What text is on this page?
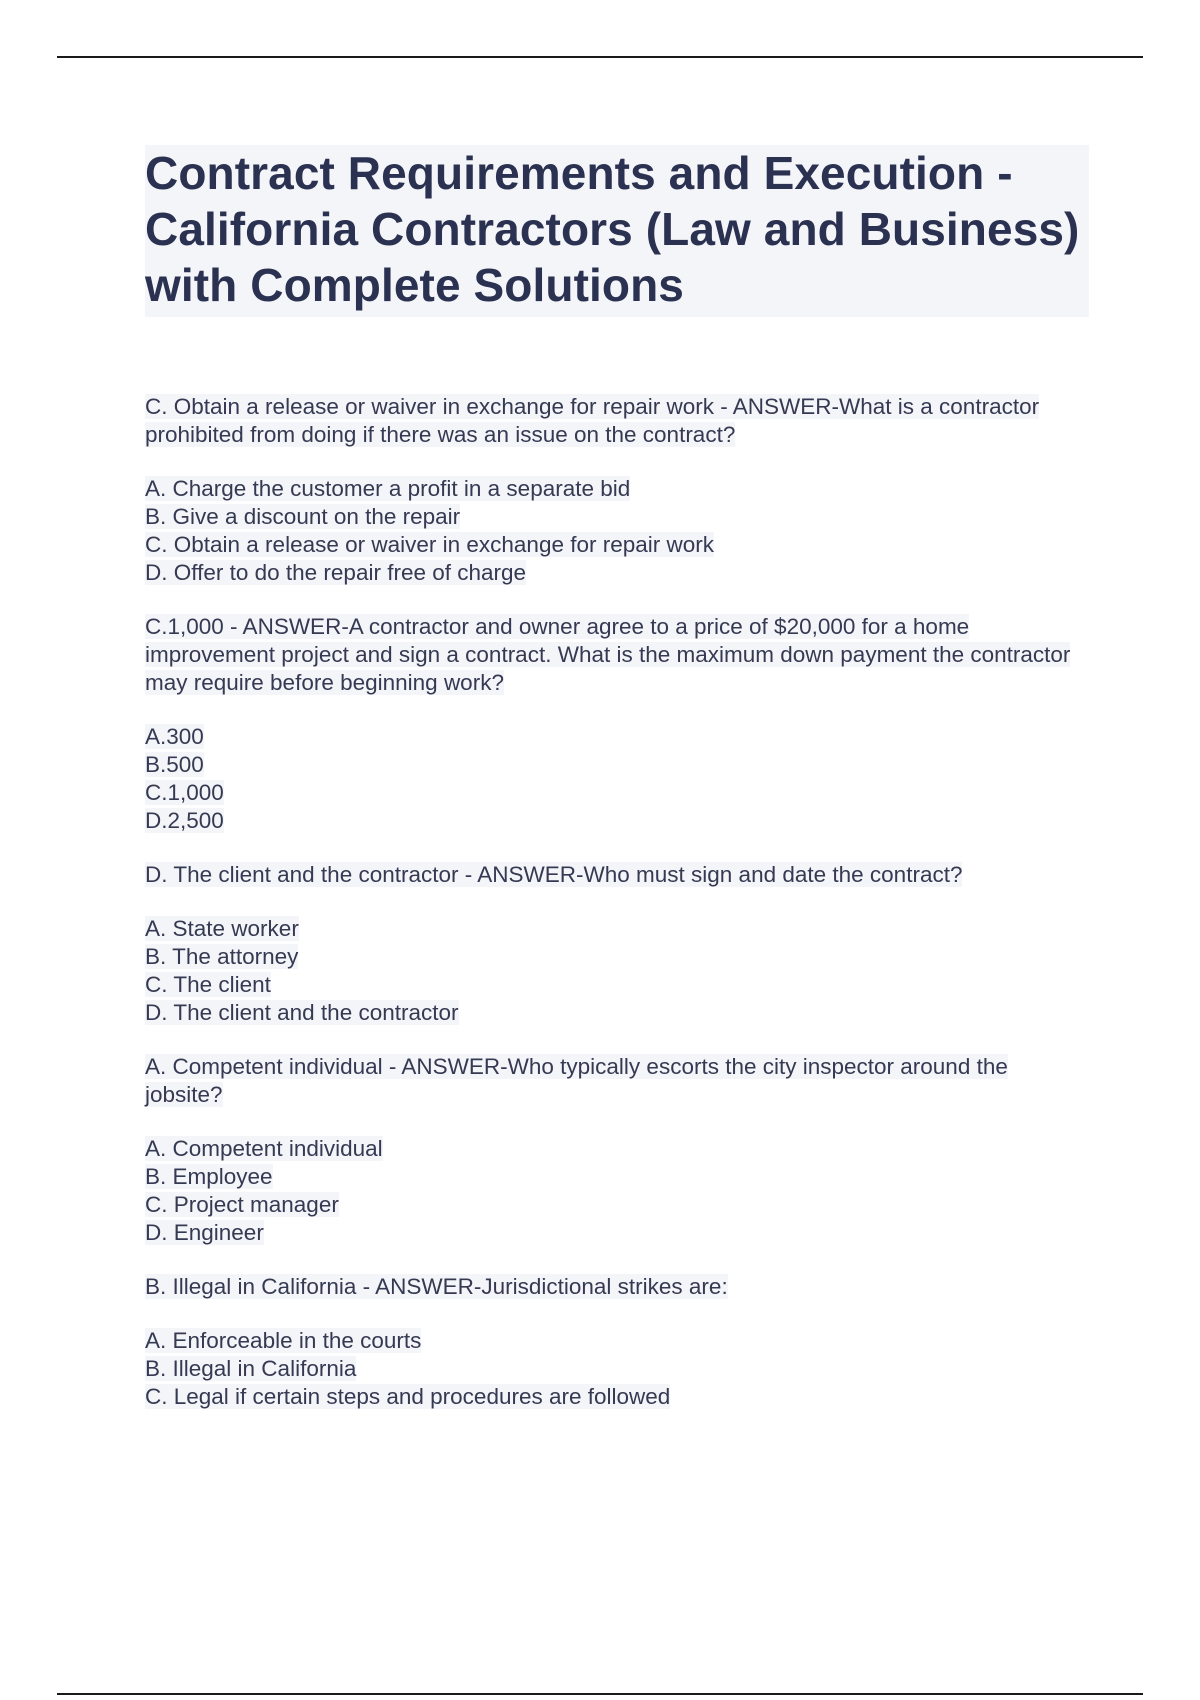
Contract Requirements and Execution - California Contractors (Law and Business) with Complete Solutions

C. Obtain a release or waiver in exchange for repair work - ANSWER-What is a contractor prohibited from doing if there was an issue on the contract?

A. Charge the customer a profit in a separate bid
B. Give a discount on the repair
C. Obtain a release or waiver in exchange for repair work
D. Offer to do the repair free of charge

C.1,000 - ANSWER-A contractor and owner agree to a price of $20,000 for a home improvement project and sign a contract. What is the maximum down payment the contractor may require before beginning work?

A.300
B.500
C.1,000
D.2,500

D. The client and the contractor - ANSWER-Who must sign and date the contract?

A. State worker
B. The attorney
C. The client
D. The client and the contractor

A. Competent individual - ANSWER-Who typically escorts the city inspector around the jobsite?

A. Competent individual
B. Employee
C. Project manager
D. Engineer

B. Illegal in California - ANSWER-Jurisdictional strikes are:

A. Enforceable in the courts
B. Illegal in California
C. Legal if certain steps and procedures are followed
